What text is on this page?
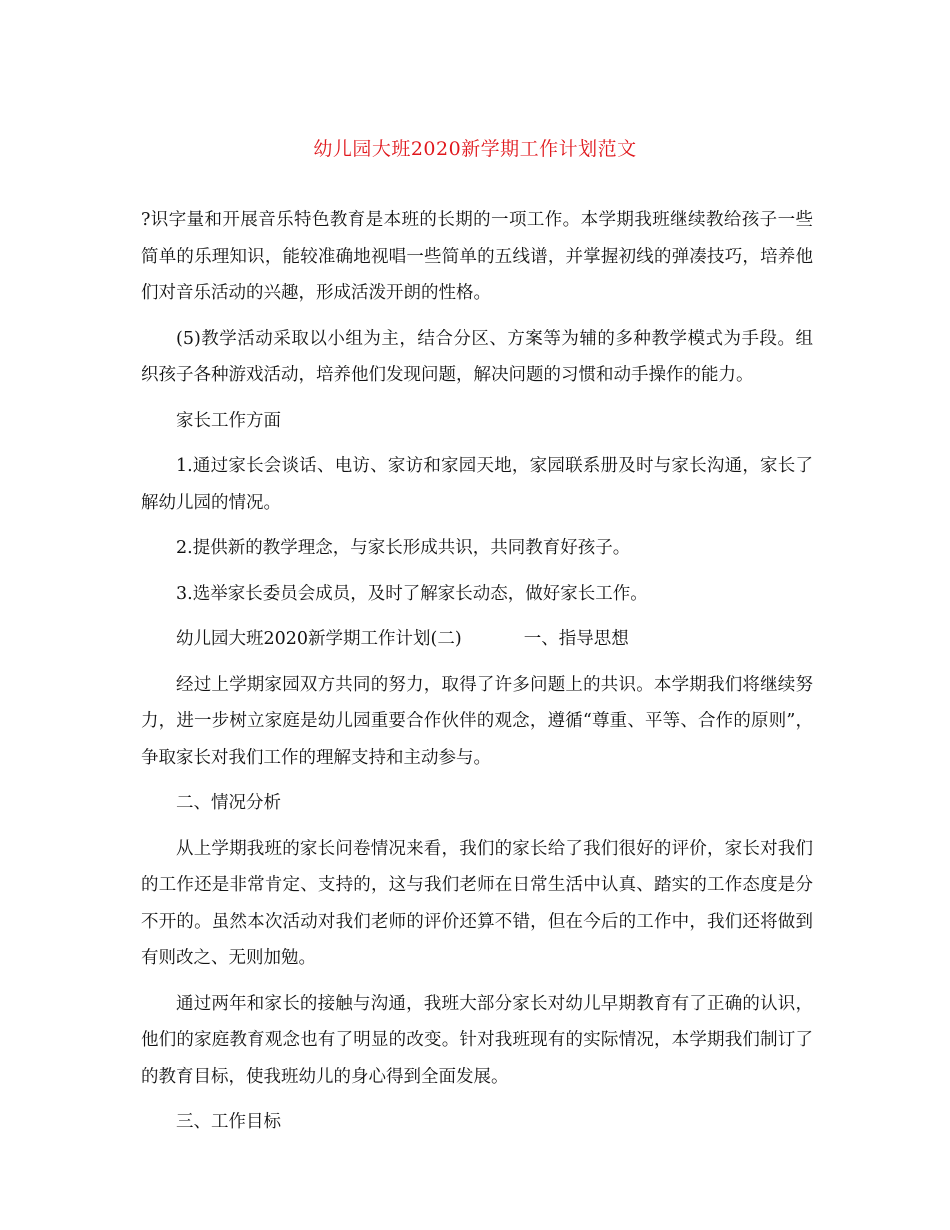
幼儿园大班2020新学期工作计划范文

?识字量和开展音乐特色教育是本班的长期的一项工作。本学期我班继续教给孩子一些简单的乐理知识，能较准确地视唱一些简单的五线谱，并掌握初线的弹凑技巧，培养他们对音乐活动的兴趣，形成活泼开朗的性格。

(5)教学活动采取以小组为主，结合分区、方案等为辅的多种教学模式为手段。组织孩子各种游戏活动，培养他们发现问题，解决问题的习惯和动手操作的能力。

家长工作方面

1.通过家长会谈话、电访、家访和家园天地，家园联系册及时与家长沟通，家长了解幼儿园的情况。

2.提供新的教学理念，与家长形成共识，共同教育好孩子。

3.选举家长委员会成员，及时了解家长动态，做好家长工作。

幼儿园大班2020新学期工作计划(二)	一、指导思想

经过上学期家园双方共同的努力，取得了许多问题上的共识。本学期我们将继续努力，进一步树立家庭是幼儿园重要合作伙伴的观念，遵循“尊重、平等、合作的原则”，争取家长对我们工作的理解支持和主动参与。

二、情况分析

从上学期我班的家长问卷情况来看，我们的家长给了我们很好的评价，家长对我们的工作还是非常肯定、支持的，这与我们老师在日常生活中认真、踏实的工作态度是分不开的。虽然本次活动对我们老师的评价还算不错，但在今后的工作中，我们还将做到有则改之、无则加勉。

通过两年和家长的接触与沟通，我班大部分家长对幼儿早期教育有了正确的认识，他们的家庭教育观念也有了明显的改变。针对我班现有的实际情况，本学期我们制订了的教育目标，使我班幼儿的身心得到全面发展。

三、工作目标
